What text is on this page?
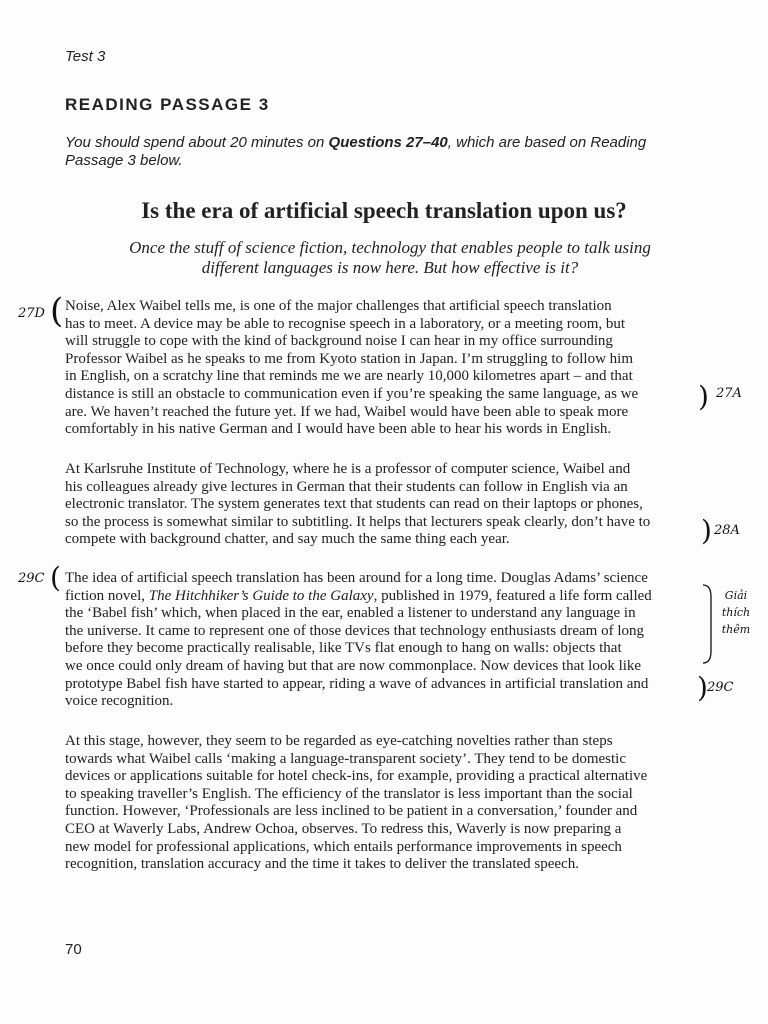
Test 3
READING PASSAGE 3
You should spend about 20 minutes on Questions 27–40, which are based on Reading Passage 3 below.
Is the era of artificial speech translation upon us?
Once the stuff of science fiction, technology that enables people to talk using
different languages is now here. But how effective is it?
Noise, Alex Waibel tells me, is one of the major challenges that artificial speech translation
has to meet. A device may be able to recognise speech in a laboratory, or a meeting room, but
will struggle to cope with the kind of background noise I can hear in my office surrounding
Professor Waibel as he speaks to me from Kyoto station in Japan. I’m struggling to follow him
in English, on a scratchy line that reminds me we are nearly 10,000 kilometres apart – and that
distance is still an obstacle to communication even if you’re speaking the same language, as we
are. We haven’t reached the future yet. If we had, Waibel would have been able to speak more
comfortably in his native German and I would have been able to hear his words in English.
At Karlsruhe Institute of Technology, where he is a professor of computer science, Waibel and
his colleagues already give lectures in German that their students can follow in English via an
electronic translator. The system generates text that students can read on their laptops or phones,
so the process is somewhat similar to subtitling. It helps that lecturers speak clearly, don’t have to
compete with background chatter, and say much the same thing each year.
The idea of artificial speech translation has been around for a long time. Douglas Adams’ science
fiction novel, The Hitchhiker’s Guide to the Galaxy, published in 1979, featured a life form called
the ‘Babel fish’ which, when placed in the ear, enabled a listener to understand any language in
the universe. It came to represent one of those devices that technology enthusiasts dream of long
before they become practically realisable, like TVs flat enough to hang on walls: objects that
we once could only dream of having but that are now commonplace. Now devices that look like
prototype Babel fish have started to appear, riding a wave of advances in artificial translation and
voice recognition.
At this stage, however, they seem to be regarded as eye-catching novelties rather than steps
towards what Waibel calls ‘making a language-transparent society’. They tend to be domestic
devices or applications suitable for hotel check-ins, for example, providing a practical alternative
to speaking traveller’s English. The efficiency of the translator is less important than the social
function. However, ‘Professionals are less inclined to be patient in a conversation,’ founder and
CEO at Waverly Labs, Andrew Ochoa, observes. To redress this, Waverly is now preparing a
new model for professional applications, which entails performance improvements in speech
recognition, translation accuracy and the time it takes to deliver the translated speech.
27D (
) 27A
) 28A
29C (
Giải
thích
thêm
) 29C
70
